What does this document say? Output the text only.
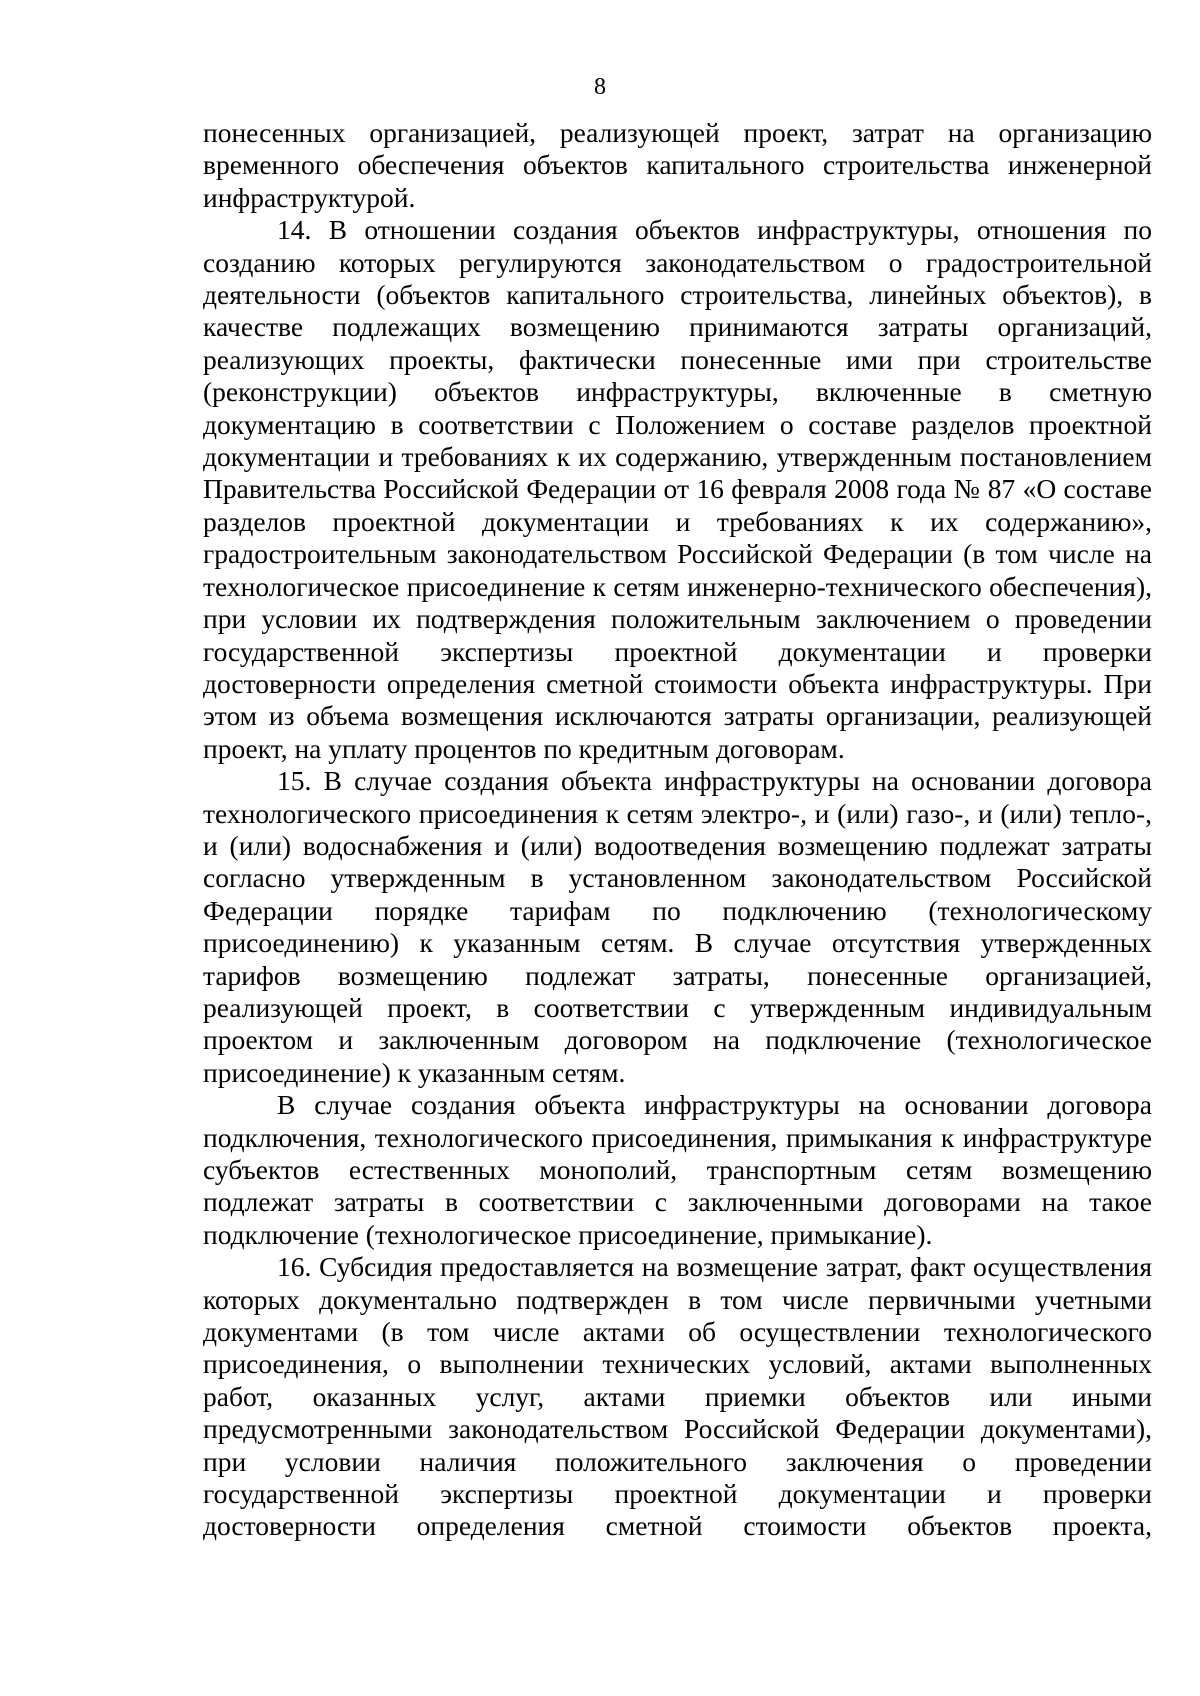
8

понесенных организацией, реализующей проект, затрат на организацию временного обеспечения объектов капитального строительства инженерной инфраструктурой.

14. В отношении создания объектов инфраструктуры, отношения по созданию которых регулируются законодательством о градостроительной деятельности (объектов капитального строительства, линейных объектов), в качестве подлежащих возмещению принимаются затраты организаций, реализующих проекты, фактически понесенные ими при строительстве (реконструкции) объектов инфраструктуры, включенные в сметную документацию в соответствии с Положением о составе разделов проектной документации и требованиях к их содержанию, утвержденным постановлением Правительства Российской Федерации от 16 февраля 2008 года № 87 «О составе разделов проектной документации и требованиях к их содержанию», градостроительным законодательством Российской Федерации (в том числе на технологическое присоединение к сетям инженерно-технического обеспечения), при условии их подтверждения положительным заключением о проведении государственной экспертизы проектной документации и проверки достоверности определения сметной стоимости объекта инфраструктуры. При этом из объема возмещения исключаются затраты организации, реализующей проект, на уплату процентов по кредитным договорам.

15. В случае создания объекта инфраструктуры на основании договора технологического присоединения к сетям электро-, и (или) газо-, и (или) тепло-, и (или) водоснабжения и (или) водоотведения возмещению подлежат затраты согласно утвержденным в установленном законодательством Российской Федерации порядке тарифам по подключению (технологическому присоединению) к указанным сетям. В случае отсутствия утвержденных тарифов возмещению подлежат затраты, понесенные организацией, реализующей проект, в соответствии с утвержденным индивидуальным проектом и заключенным договором на подключение (технологическое присоединение) к указанным сетям.

В случае создания объекта инфраструктуры на основании договора подключения, технологического присоединения, примыкания к инфраструктуре субъектов естественных монополий, транспортным сетям возмещению подлежат затраты в соответствии с заключенными договорами на такое подключение (технологическое присоединение, примыкание).

16. Субсидия предоставляется на возмещение затрат, факт осуществления которых документально подтвержден в том числе первичными учетными документами (в том числе актами об осуществлении технологического присоединения, о выполнении технических условий, актами выполненных работ, оказанных услуг, актами приемки объектов или иными предусмотренными законодательством Российской Федерации документами), при условии наличия положительного заключения о проведении государственной экспертизы проектной документации и проверки достоверности определения сметной стоимости объектов проекта,
